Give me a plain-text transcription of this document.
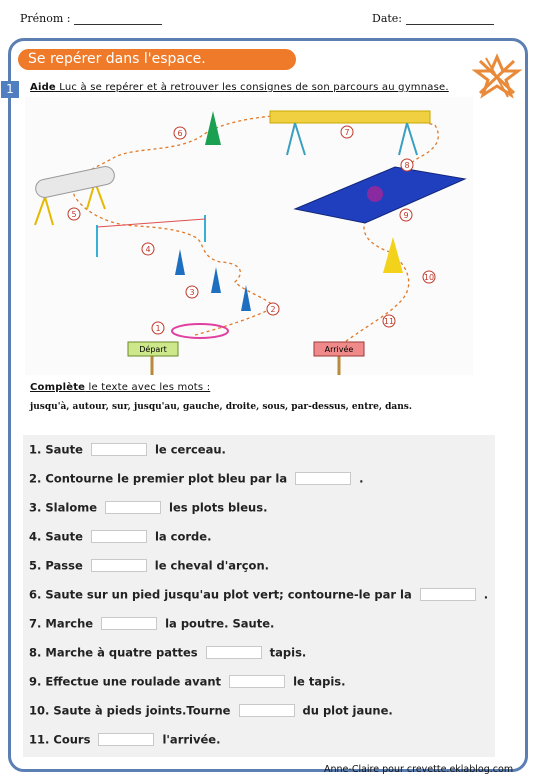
Prénom :	Date:
Se repérer dans l'espace.
1	Aide Luc à se repérer et à retrouver les consignes de son parcours au gymnase.
6	7
8
5
4
9
3
2
10
1
11
Départ	Arrivée
Complète le texte avec les mots :
jusqu'à, autour, sur, jusqu'au, gauche, droite, sous, par-dessus, entre, dans.
1. Saute	le cerceau.
2. Contourne le premier plot bleu par la	.
3. Slalome	les plots bleus.
4. Saute	la corde.
5. Passe	le cheval d'arçon.
6. Saute sur un pied jusqu'au plot vert; contourne-le par la	.
7. Marche	la poutre. Saute.
8. Marche à quatre pattes	tapis.
9. Effectue une roulade avant	le tapis.
10. Saute à pieds joints.Tourne	du plot jaune.
11. Cours	l'arrivée.
Anne-Claire pour crevette.eklablog.com
